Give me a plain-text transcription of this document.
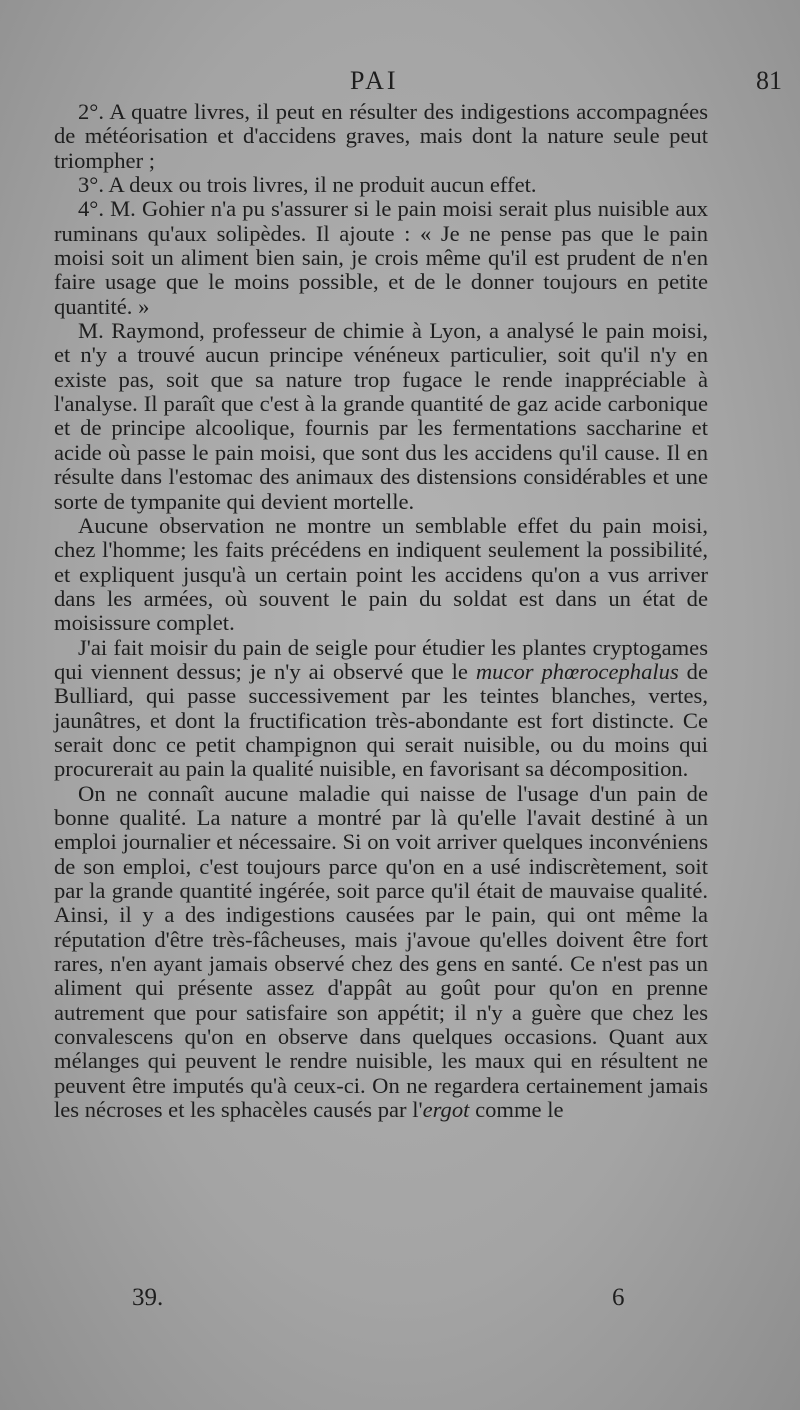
PAI	81

2°. A quatre livres, il peut en résulter des indigestions accompagnées de météorisation et d'accidens graves, mais dont la nature seule peut triompher ;

3°. A deux ou trois livres, il ne produit aucun effet.

4°. M. Gohier n'a pu s'assurer si le pain moisi serait plus nuisible aux ruminans qu'aux solipèdes. Il ajoute : « Je ne pense pas que le pain moisi soit un aliment bien sain, je crois même qu'il est prudent de n'en faire usage que le moins possible, et de le donner toujours en petite quantité. »

M. Raymond, professeur de chimie à Lyon, a analysé le pain moisi, et n'y a trouvé aucun principe vénéneux particulier, soit qu'il n'y en existe pas, soit que sa nature trop fugace le rende inappréciable à l'analyse. Il paraît que c'est à la grande quantité de gaz acide carbonique et de principe alcoolique, fournis par les fermentations saccharine et acide où passe le pain moisi, que sont dus les accidens qu'il cause. Il en résulte dans l'estomac des animaux des distensions considérables et une sorte de tympanite qui devient mortelle.

Aucune observation ne montre un semblable effet du pain moisi, chez l'homme; les faits précédens en indiquent seulement la possibilité, et expliquent jusqu'à un certain point les accidens qu'on a vus arriver dans les armées, où souvent le pain du soldat est dans un état de moisissure complet.

J'ai fait moisir du pain de seigle pour étudier les plantes cryptogames qui viennent dessus; je n'y ai observé que le mucor phœrocephalus de Bulliard, qui passe successivement par les teintes blanches, vertes, jaunâtres, et dont la fructification très-abondante est fort distincte. Ce serait donc ce petit champignon qui serait nuisible, ou du moins qui procurerait au pain la qualité nuisible, en favorisant sa décomposition.

On ne connaît aucune maladie qui naisse de l'usage d'un pain de bonne qualité. La nature a montré par là qu'elle l'avait destiné à un emploi journalier et nécessaire. Si on voit arriver quelques inconvéniens de son emploi, c'est toujours parce qu'on en a usé indiscrètement, soit par la grande quantité ingérée, soit parce qu'il était de mauvaise qualité. Ainsi, il y a des indigestions causées par le pain, qui ont même la réputation d'être très-fâcheuses, mais j'avoue qu'elles doivent être fort rares, n'en ayant jamais observé chez des gens en santé. Ce n'est pas un aliment qui présente assez d'appât au goût pour qu'on en prenne autrement que pour satisfaire son appétit; il n'y a guère que chez les convalescens qu'on en observe dans quelques occasions. Quant aux mélanges qui peuvent le rendre nuisible, les maux qui en résultent ne peuvent être imputés qu'à ceux-ci. On ne regardera certainement jamais les nécroses et les sphacèles causés par l'ergot comme le

39.	6
